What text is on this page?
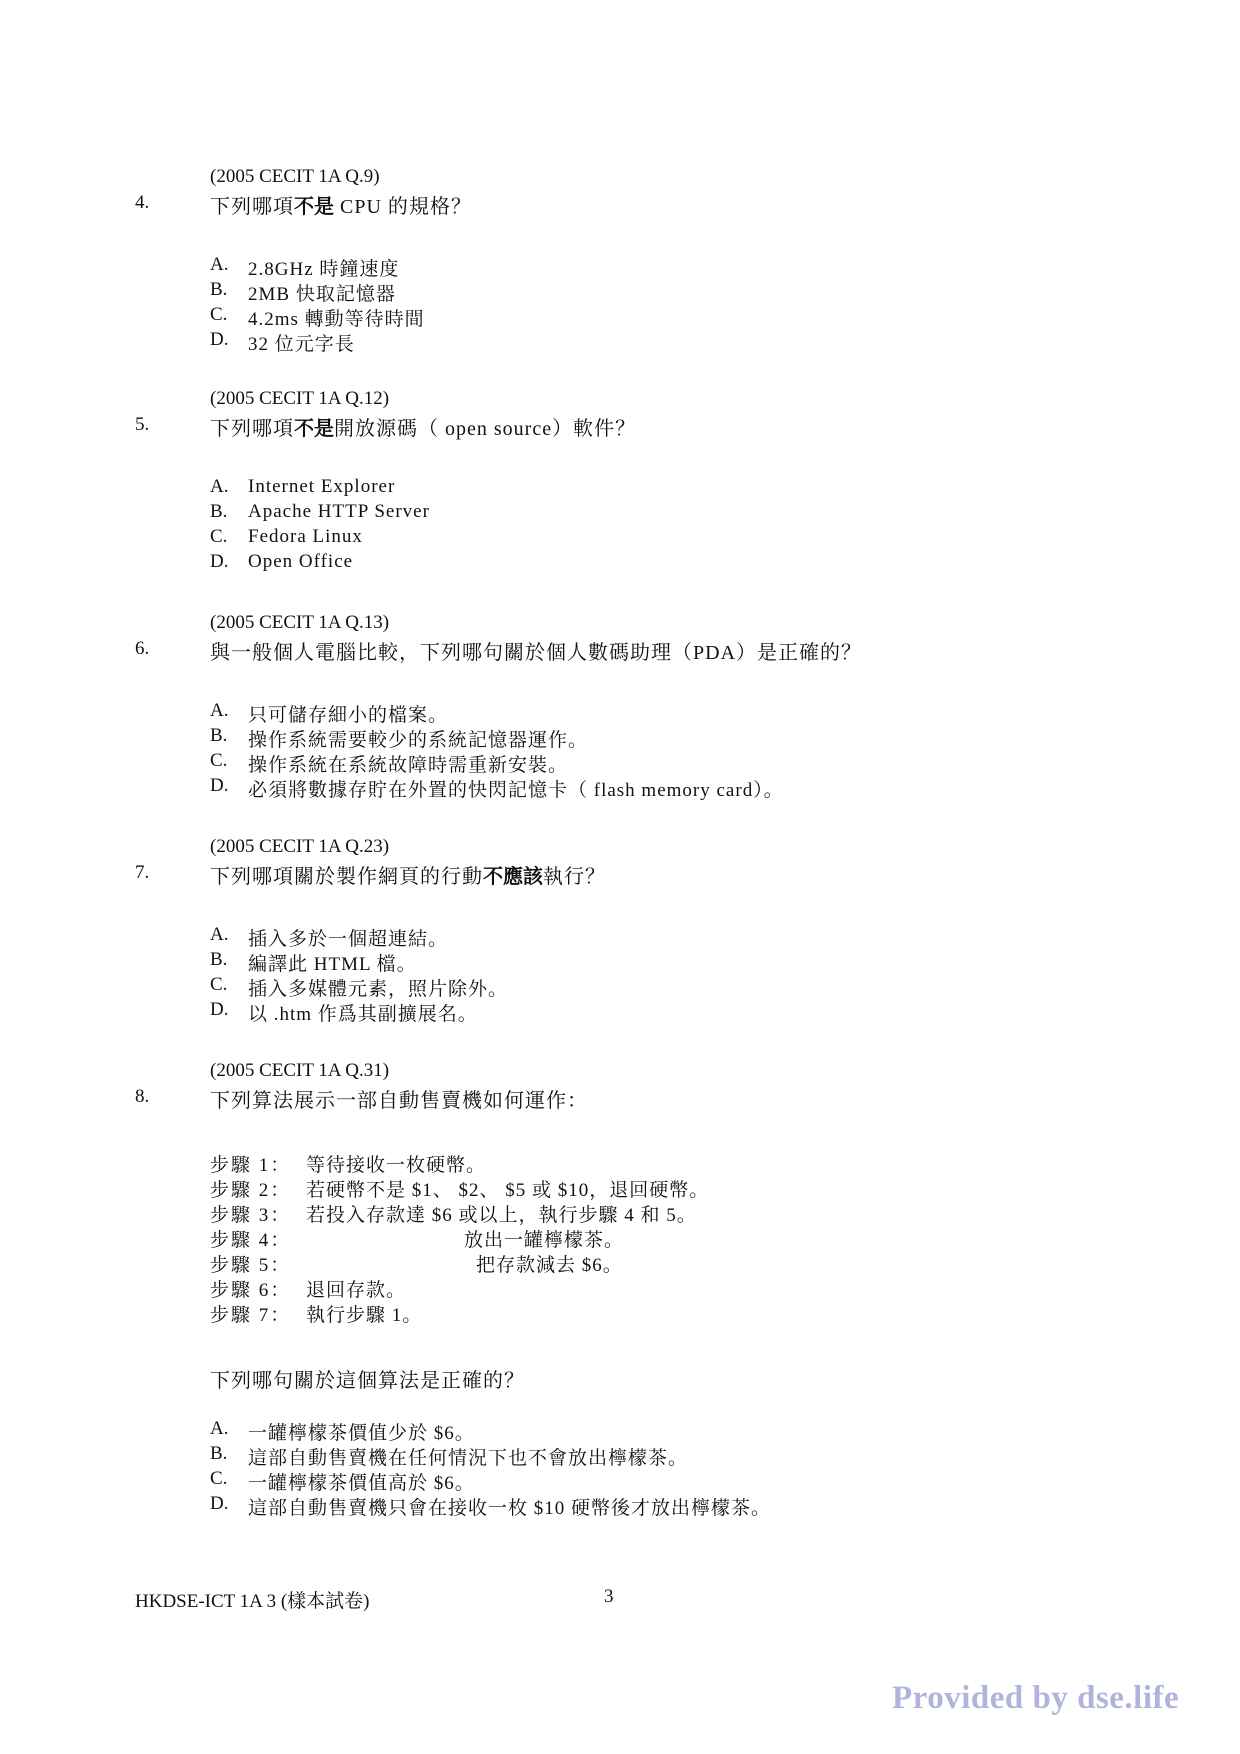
(2005 CECIT 1A Q.9)
4.	下列哪項不是 CPU 的規格？
A. 2.8GHz 時鐘速度
B. 2MB 快取記憶器
C. 4.2ms 轉動等待時間
D. 32 位元字長
(2005 CECIT 1A Q.12)
5.	下列哪項不是開放源碼（ open source）軟件？
A. Internet Explorer
B. Apache HTTP Server
C. Fedora Linux
D. Open Office
(2005 CECIT 1A Q.13)
6.	與一般個人電腦比較，下列哪句關於個人數碼助理（PDA）是正確的？
A. 只可儲存細小的檔案。
B. 操作系統需要較少的系統記憶器運作。
C. 操作系統在系統故障時需重新安裝。
D. 必須將數據存貯在外置的快閃記憶卡（ flash memory card）。
(2005 CECIT 1A Q.23)
7.	下列哪項關於製作網頁的行動不應該執行？
A. 插入多於一個超連結。
B. 編譯此 HTML 檔。
C. 插入多媒體元素，照片除外。
D. 以 .htm 作爲其副擴展名。
(2005 CECIT 1A Q.31)
8.	下列算法展示一部自動售賣機如何運作：
步驟 1： 等待接收一枚硬幣。
步驟 2： 若硬幣不是 $1、 $2、 $5 或 $10，退回硬幣。
步驟 3： 若投入存款達 $6 或以上，執行步驟 4 和 5。
步驟 4：	放出一罐檸檬茶。
步驟 5：	把存款減去 $6。
步驟 6： 退回存款。
步驟 7： 執行步驟 1。
下列哪句關於這個算法是正確的？
A. 一罐檸檬茶價值少於 $6。
B. 這部自動售賣機在任何情況下也不會放出檸檬茶。
C. 一罐檸檬茶價值高於 $6。
D. 這部自動售賣機只會在接收一枚 $10 硬幣後才放出檸檬茶。
HKDSE-ICT 1A 3 (樣本試卷)	3
Provided by dse.life
